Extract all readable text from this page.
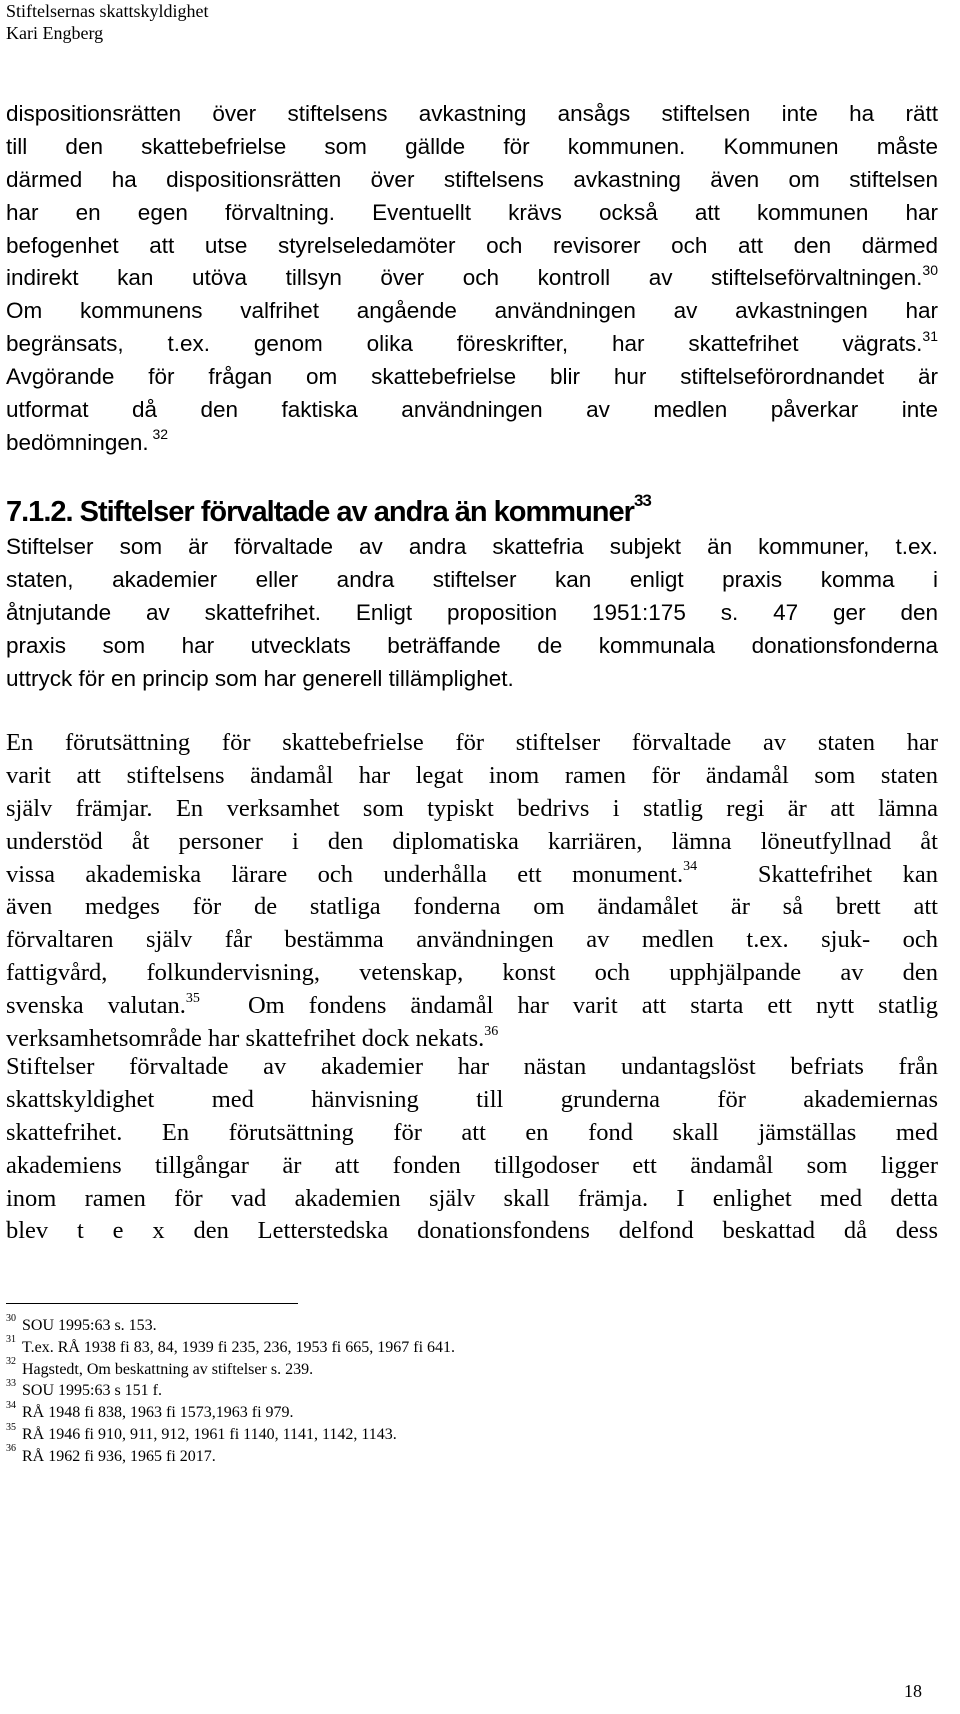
Stiftelsernas skattskyldighet
Kari Engberg
dispositionsrätten över stiftelsens avkastning ansågs stiftelsen inte ha rätt
till den skattebefrielse som gällde för kommunen. Kommunen måste
därmed ha dispositionsrätten över stiftelsens avkastning även om stiftelsen
har en egen förvaltning. Eventuellt krävs också att kommunen har
befogenhet att utse styrelseledamöter och revisorer och att den därmed
indirekt kan utöva tillsyn över och kontroll av stiftelseförvaltningen.$^{30}$
Om kommunens valfrihet angående användningen av avkastningen har
begränsats, t.ex. genom olika föreskrifter, har skattefrihet vägrats.$^{31}$
Avgörande för frågan om skattebefrielse blir hur stiftelseförordnandet är
utformat då den faktiska användningen av medlen påverkar inte
bedömningen. $^{32}$
7.1.2. Stiftelser förvaltade av andra än kommuner$^{33}$
Stiftelser som är förvaltade av andra skattefria subjekt än kommuner, t.ex.
staten, akademier eller andra stiftelser kan enligt praxis komma i
åtnjutande av skattefrihet. Enligt proposition 1951:175 s. 47 ger den
praxis som har utvecklats beträffande de kommunala donationsfonderna
uttryck för en princip som har generell tillämplighet.
En förutsättning för skattebefrielse för stiftelser förvaltade av staten har
varit att stiftelsens ändamål har legat inom ramen för ändamål som staten
själv främjar. En verksamhet som typiskt bedrivs i statlig regi är att lämna
understöd åt personer i den diplomatiska karriären, lämna löneutfyllnad åt
vissa akademiska lärare och underhålla ett monument.$^{34}$  Skattefrihet kan
även medges för de statliga fonderna om ändamålet är så brett att
förvaltaren själv får bestämma användningen av medlen t.ex. sjuk- och
fattigvård, folkundervisning, vetenskap, konst och upphjälpande av den
svenska valutan.$^{35}$  Om fondens ändamål har varit att starta ett nytt statlig
verksamhetsområde har skattefrihet dock nekats.$^{36}$
Stiftelser förvaltade av akademier har nästan undantagslöst befriats från
skattskyldighet med hänvisning till grunderna för akademiernas
skattefrihet. En förutsättning för att en fond skall jämställas med
akademiens tillgångar är att fonden tillgodoser ett ändamål som ligger
inom ramen för vad akademien själv skall främja. I enlighet med detta
blev t e x den Letterstedska donationsfondens delfond beskattad då dess
$^{30}$ SOU 1995:63 s. 153.
$^{31}$ T.ex. RÅ 1938 fi 83, 84, 1939 fi 235, 236, 1953 fi 665, 1967 fi 641.
$^{32}$ Hagstedt, Om beskattning av stiftelser s. 239.
$^{33}$ SOU 1995:63 s 151 f.
$^{34}$ RÅ 1948 fi 838, 1963 fi 1573,1963 fi 979.
$^{35}$ RÅ 1946 fi 910, 911, 912, 1961 fi 1140, 1141, 1142, 1143.
$^{36}$ RÅ 1962 fi 936, 1965 fi 2017.
18
